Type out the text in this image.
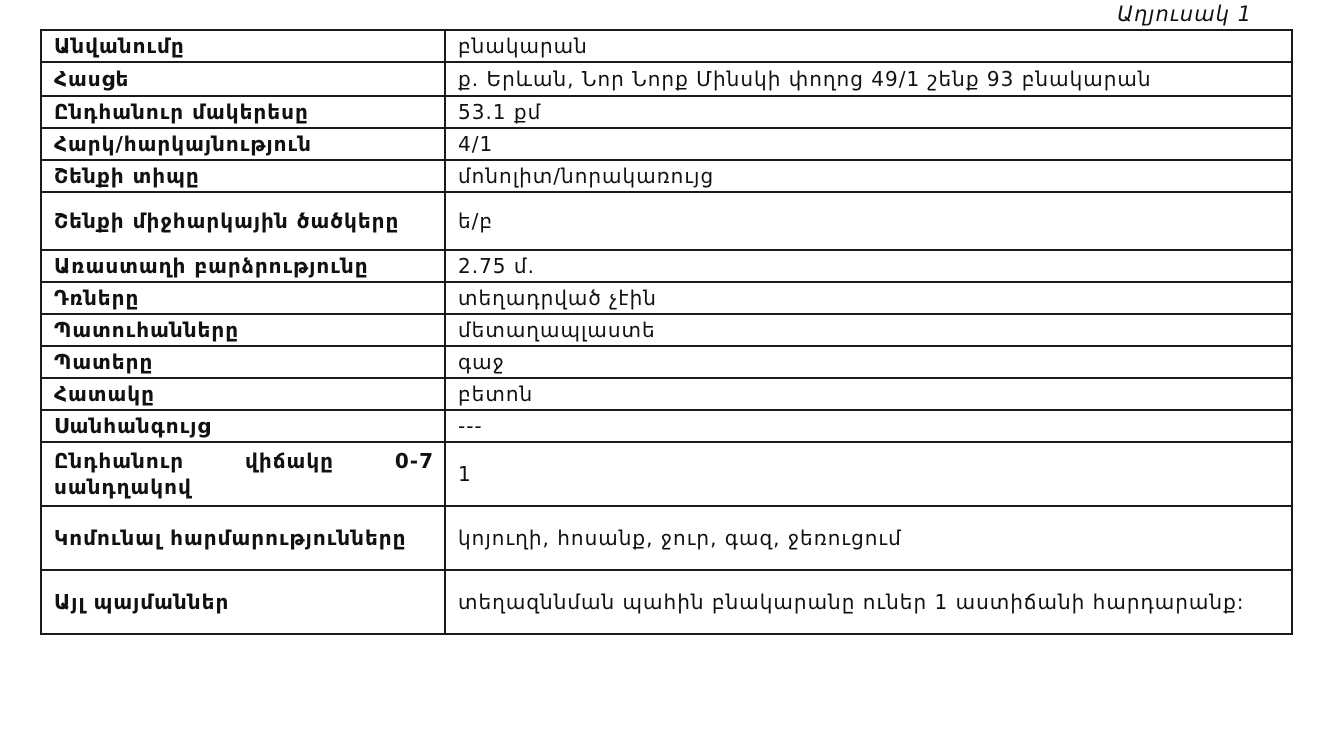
Աղյուսակ 1
Անվանումը	բնակարան
Հասցե	ք. Երևան, Նոր Նորք Մինսկի փողոց 49/1 շենք 93 բնակարան
Ընդհանուր մակերեսը	53.1 քմ
Հարկ/հարկայնություն	4/1
Շենքի տիպը	մոնոլիտ/նորակառույց
Շենքի միջհարկային ծածկերը	ե/բ
Առաստաղի բարձրությունը	2.75 մ.
Դռները	տեղադրված չէին
Պատուհանները	մետաղապլաստե
Պատերը	գաջ
Հատակը	բետոն
Սանհանգույց	---
Ընդհանուր վիճակը 0-7 սանդղակով	1
Կոմունալ հարմարությունները	կոյուղի, հոսանք, ջուր, գազ, ջեռուցում
Այլ պայմաններ	տեղազննման պահին բնակարանը ուներ 1 աստիճանի հարդարանք:
